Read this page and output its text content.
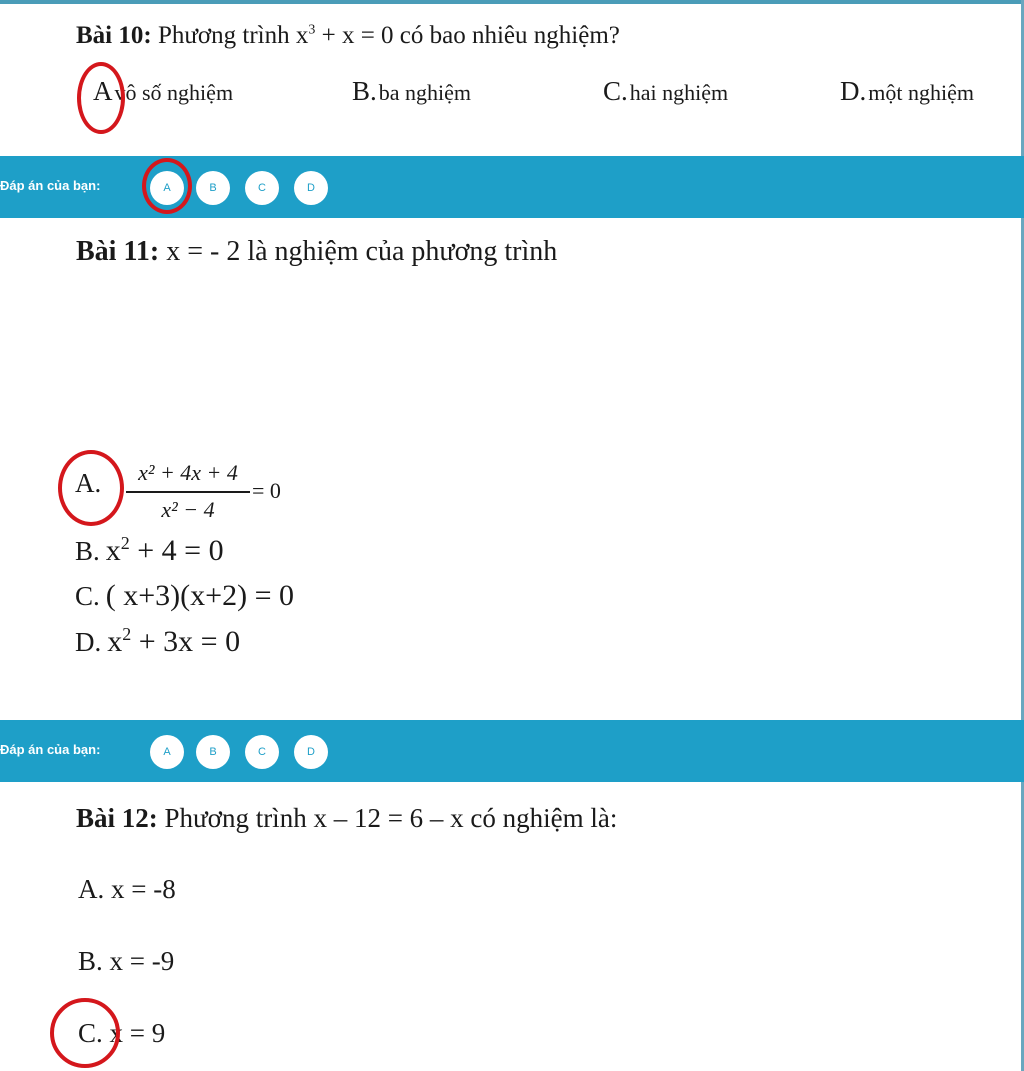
Bài 10: Phương trình $x^3 + x = 0$ có bao nhiêu nghiệm?
Avô số nghiệm	B.ba nghiệm	C.hai nghiệm	D.một nghiệm
Đáp án của bạn:	A	B	C	D
Bài 11: x = - 2 là nghiệm của phương trình
A.	x² + 4x + 4
x² − 4
= 0
B. $x^2 + 4 = 0$
C. ( x+3)(x+2) = 0
D. $x^2 + 3x = 0$
Đáp án của bạn:	A	B	C	D
Bài 12: Phương trình x – 12 = 6 – x có nghiệm là:
A. x = -8
B. x = -9
C. x = 9
